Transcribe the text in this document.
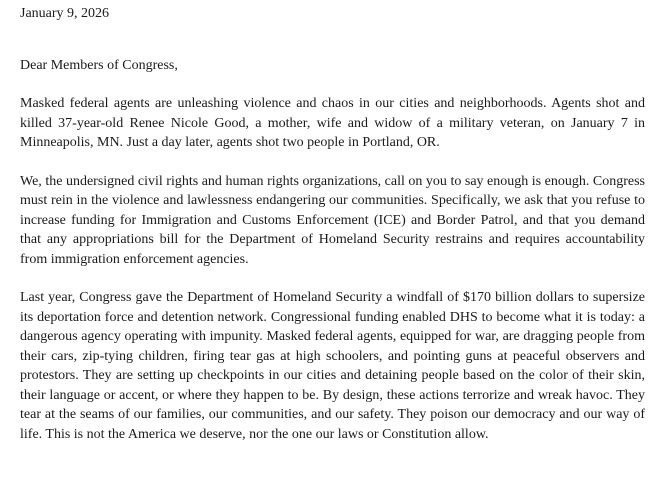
January 9, 2026

Dear Members of Congress,

Masked federal agents are unleashing violence and chaos in our cities and neighborhoods. Agents shot and killed 37-year-old Renee Nicole Good, a mother, wife and widow of a military veteran, on January 7 in Minneapolis, MN. Just a day later, agents shot two people in Portland, OR.

We, the undersigned civil rights and human rights organizations, call on you to say enough is enough. Congress must rein in the violence and lawlessness endangering our communities. Specifically, we ask that you refuse to increase funding for Immigration and Customs Enforcement (ICE) and Border Patrol, and that you demand that any appropriations bill for the Department of Homeland Security restrains and requires accountability from immigration enforcement agencies.

Last year, Congress gave the Department of Homeland Security a windfall of $170 billion dollars to supersize its deportation force and detention network. Congressional funding enabled DHS to become what it is today: a dangerous agency operating with impunity. Masked federal agents, equipped for war, are dragging people from their cars, zip-tying children, firing tear gas at high schoolers, and pointing guns at peaceful observers and protestors. They are setting up checkpoints in our cities and detaining people based on the color of their skin, their language or accent, or where they happen to be. By design, these actions terrorize and wreak havoc. They tear at the seams of our families, our communities, and our safety. They poison our democracy and our way of life. This is not the America we deserve, nor the one our laws or Constitution allow.
